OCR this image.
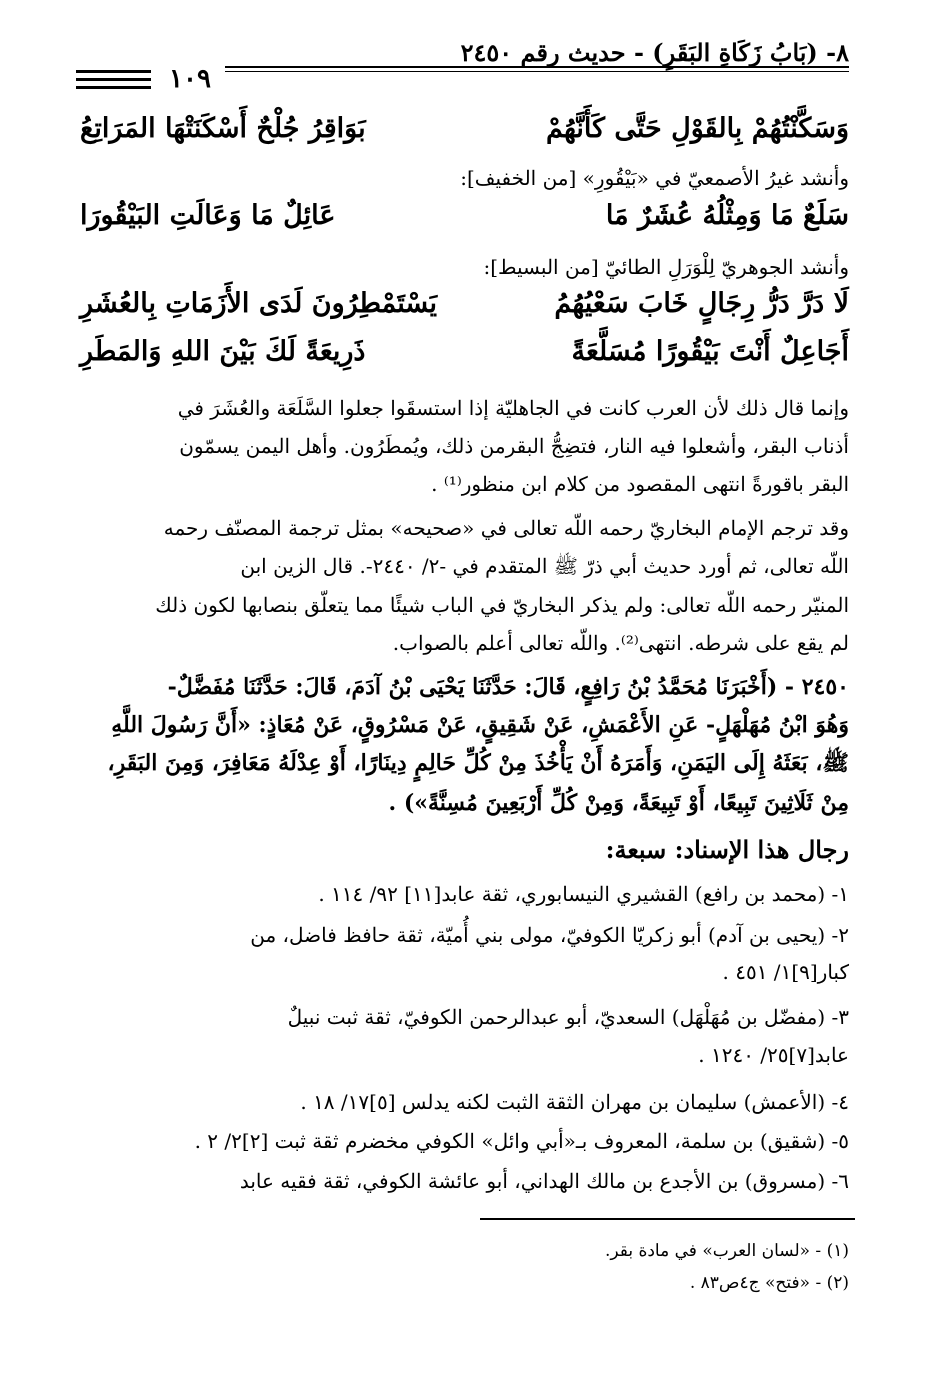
٨- (بَابُ زَكَاةِ البَقَرِ) - حديث رقم ٢٤٥٠
١٠٩
وَسَكَّنْتُهُمْ بِالقَوْلِ حَتَّى كَأَنَّهُمْ
بَوَاقِرُ جُلْحٌ أَسْكَنَتْهَا المَرَاتِعُ
وأنشد غيرُ الأصمعيّ في «بَيْقُورِ» [من الخفيف]:
سَلَعٌ مَا وَمِثْلُهُ عُشَرٌ مَا
عَائِلٌ مَا وَعَالَتِ البَيْقُورَا
وأنشد الجوهريّ لِلْوَرَلِ الطائيّ [من البسيط]:
لَا دَرَّ دَرُّ رِجَالٍ خَابَ سَعْيُهُمُ
يَسْتَمْطِرُونَ لَدَى الأَزَمَاتِ بِالعُشَرِ
أَجَاعِلٌ أَنْتَ بَيْقُورًا مُسَلَّعَةً
ذَرِيعَةً لَكَ بَيْنَ اللهِ وَالمَطَرِ
وإنما قال ذلك لأن العرب كانت في الجاهليّة إذا استسقَوا جعلوا السَّلَعَة والعُشَرَ في
أذناب البقر، وأشعلوا فيه النار، فتضِجُّ البقرمن ذلك، ويُمطَرُون. وأهل اليمن يسمّون
البقر باقورةً انتهى المقصود من كلام ابن منظور⁽¹⁾ .
وقد ترجم الإمام البخاريّ رحمه اللّه تعالى في «صحيحه» بمثل ترجمة المصنّف رحمه
اللّه تعالى، ثم أورد حديث أبي ذرّ ﷺ المتقدم في -٢/ ٢٤٤٠-. قال الزين ابن
المنيّر رحمه اللّه تعالى: ولم يذكر البخاريّ في الباب شيئًا مما يتعلّق بنصابها لكون ذلك
لم يقع على شرطه. انتهى⁽²⁾. واللّه تعالى أعلم بالصواب.
٢٤٥٠ - (أَخْبَرَنَا مُحَمَّدُ بْنُ رَافِعٍ، قَالَ: حَدَّثَنَا يَحْيَى بْنُ آدَمَ، قَالَ: حَدَّثَنَا مُفَضَّلٌ-
وَهُوَ ابْنُ مُهَلْهَلٍ- عَنِ الأَعْمَشِ، عَنْ شَقِيقٍ، عَنْ مَسْرُوقٍ، عَنْ مُعَاذٍ: «أَنَّ رَسُولَ اللَّهِ
ﷺ، بَعَثَهُ إِلَى اليَمَنِ، وَأَمَرَهُ أَنْ يَأْخُذَ مِنْ كُلِّ حَالِمٍ دِينَارًا، أَوْ عِدْلَهُ مَعَافِرَ، وَمِنَ البَقَرِ،
مِنْ ثَلَاثِينَ تَبِيعًا، أَوْ تَبِيعَةً، وَمِنْ كُلِّ أَرْبَعِينَ مُسِنَّةً») .
رجال هذا الإسناد: سبعة:
١- (محمد بن رافع) القشيري النيسابوري، ثقة عابد[١١] ٩٢/ ١١٤ .
٢- (يحيى بن آدم) أبو زكريّا الكوفيّ، مولى بني أُميّة، ثقة حافظ فاضل، من
كبار[٩]١/ ٤٥١ .
٣- (مفضّل بن مُهَلْهَل) السعديّ، أبو عبدالرحمن الكوفيّ، ثقة ثبت نبيلٌ
عابد[٧]٢٥/ ١٢٤٠ .
٤- (الأعمش) سليمان بن مهران الثقة الثبت لكنه يدلس [٥]١٧/ ١٨ .
٥- (شقيق) بن سلمة، المعروف بـ«أبي وائل» الكوفي مخضرم ثقة ثبت [٢]٢/ ٢ .
٦- (مسروق) بن الأجدع بن مالك الهداني، أبو عائشة الكوفي، ثقة فقيه عابد
(١) - «لسان العرب» في مادة بقر.
(٢) - «فتح» ج٤ص٨٣ .
